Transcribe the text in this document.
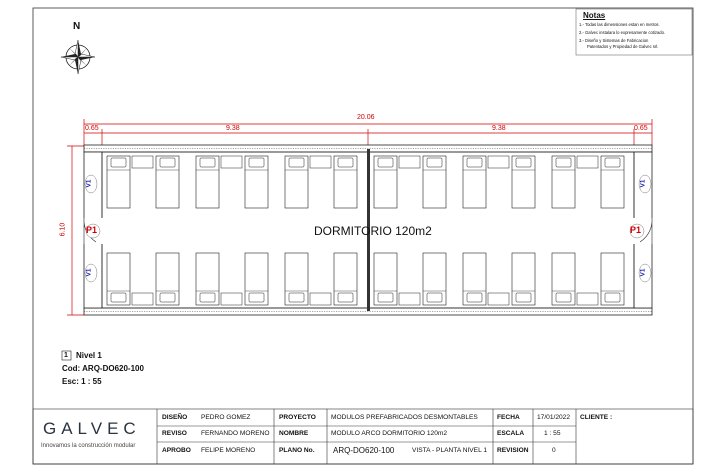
Notas
1.- Todas las dimensiones estan en metros.
2.- Galvec instalara lo expresamente cotizado.
3.- Diseño y Sistemas de Fabricacion
Patentados y Propiedad de Galvec srl.
N
20.06
0.65	9.38	9.38	0.65
6.10	DORMITORIO 120m2
P1	P1
V1
V1
V1
V1
1 Nivel 1
Cod: ARQ-DO620-100
Esc: 1 : 55
GALVEC
Innovamos la construcción modular
DISEÑO PEDRO GOMEZ
REVISO FERNANDO MORENO
APROBO FELIPE MORENO
PROYECTO MODULOS PREFABRICADOS DESMONTABLES
NOMBRE	MODULO ARCO DORMITORIO 120m2
PLANO No. ARQ-DO620-100	VISTA - PLANTA NIVEL 1
FECHA	17/01/2022
ESCALA	1 : 55
REVISION	0
CLIENTE :
